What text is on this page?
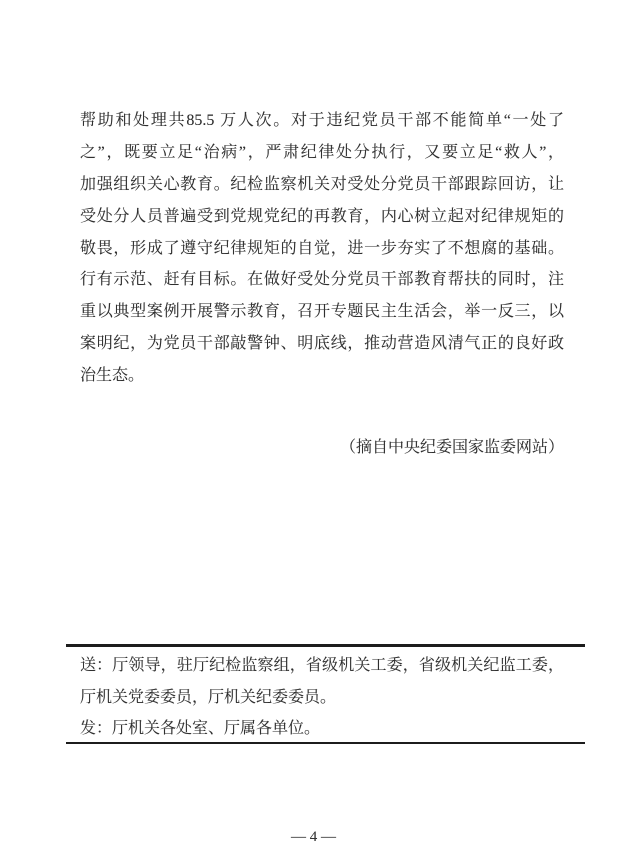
帮助和处理共85.5 万人次。对于违纪党员干部不能简单“一处了
之”，既要立足“治病”，严肃纪律处分执行，又要立足“救人”，
加强组织关心教育。纪检监察机关对受处分党员干部跟踪回访，让
受处分人员普遍受到党规党纪的再教育，内心树立起对纪律规矩的
敬畏，形成了遵守纪律规矩的自觉，进一步夯实了不想腐的基础。
行有示范、赶有目标。在做好受处分党员干部教育帮扶的同时，注
重以典型案例开展警示教育，召开专题民主生活会，举一反三，以
案明纪，为党员干部敲警钟、明底线，推动营造风清气正的良好政
治生态。
（摘自中央纪委国家监委网站）
送：厅领导，驻厅纪检监察组，省级机关工委，省级机关纪监工委，
厅机关党委委员，厅机关纪委委员。
发：厅机关各处室、厅属各单位。
— 4 —
